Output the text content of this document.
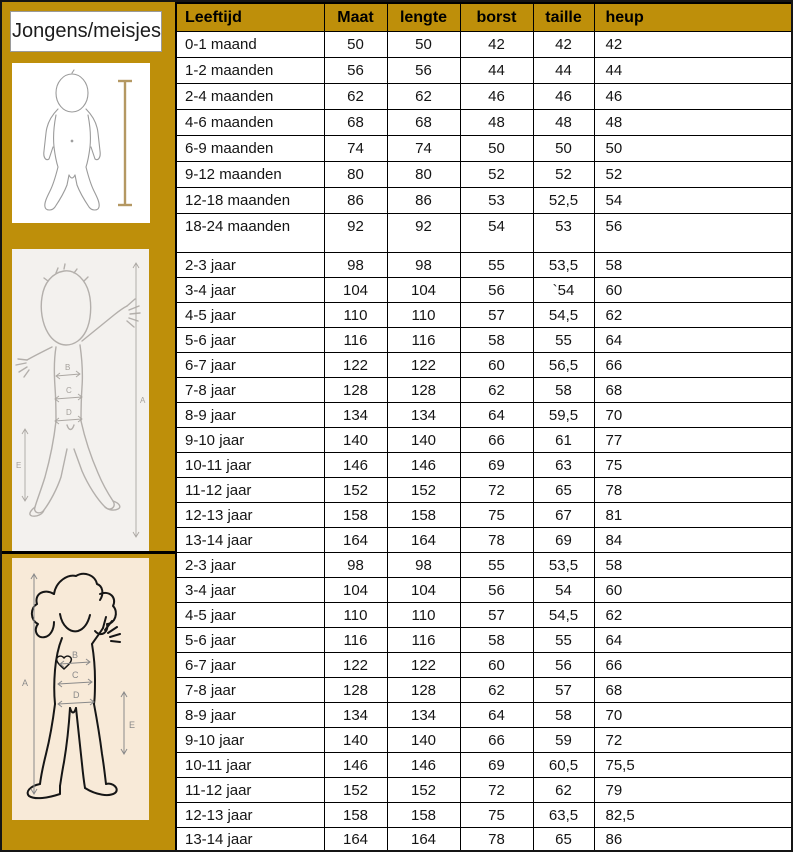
Jongens/meisjes
A
B
C
D
E
A
B
C
D
E
Leeftijd	Maat	lengte	borst	taille	heup
0-1 maand	50	50	42	42	42
1-2 maanden	56	56	44	44	44
2-4 maanden	62	62	46	46	46
4-6 maanden	68	68	48	48	48
6-9 maanden	74	74	50	50	50
9-12 maanden	80	80	52	52	52
12-18 maanden	86	86	53	52,5	54
18-24 maanden	92	92	54	53	56

2-3 jaar	98	98	55	53,5	58
3-4 jaar	104	104	56	`54	60
4-5 jaar	110	110	57	54,5	62
5-6 jaar	116	116	58	55	64
6-7 jaar	122	122	60	56,5	66
7-8 jaar	128	128	62	58	68
8-9 jaar	134	134	64	59,5	70
9-10 jaar	140	140	66	61	77
10-11 jaar	146	146	69	63	75
11-12 jaar	152	152	72	65	78
12-13 jaar	158	158	75	67	81
13-14 jaar	164	164	78	69	84
2-3 jaar	98	98	55	53,5	58
3-4 jaar	104	104	56	54	60
4-5 jaar	110	110	57	54,5	62
5-6 jaar	116	116	58	55	64
6-7 jaar	122	122	60	56	66
7-8 jaar	128	128	62	57	68
8-9 jaar	134	134	64	58	70
9-10 jaar	140	140	66	59	72
10-11 jaar	146	146	69	60,5	75,5
11-12 jaar	152	152	72	62	79
12-13 jaar	158	158	75	63,5	82,5
13-14 jaar	164	164	78	65	86
